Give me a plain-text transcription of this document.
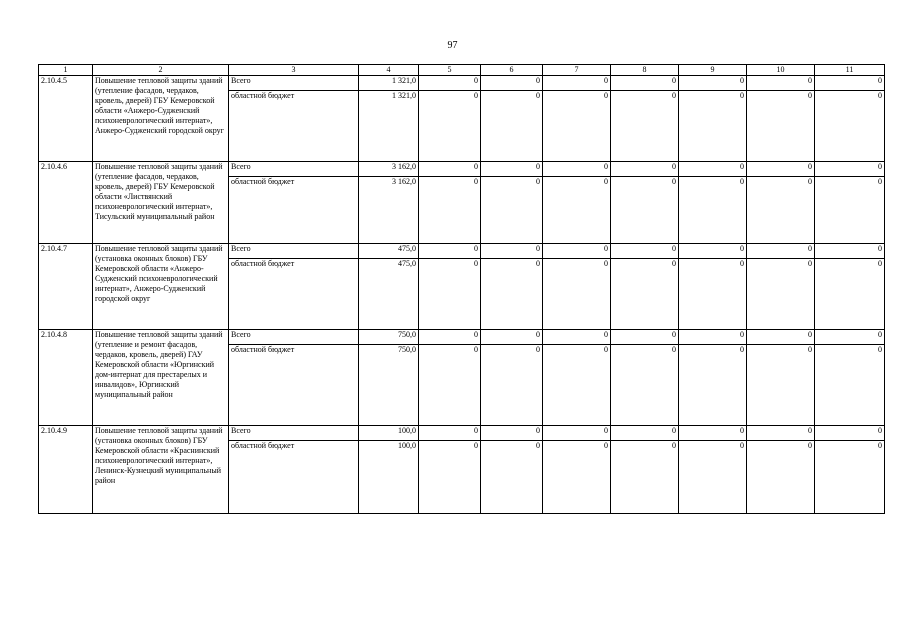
97
1	2	3	4	5	6	7	8	9	10	11
2.10.4.5	Повышение тепловой защиты зданий (утепление фасадов, чердаков, кровель, дверей) ГБУ Кемеровской области «Анжеро-Судженский психоневрологический интернат», Анжеро-Судженский городской округ	Всего	1 321,0	0	0	0	0	0	0	0
		областной бюджет	1 321,0	0	0	0	0	0	0	0
2.10.4.6	Повышение тепловой защиты зданий (утепление фасадов, чердаков, кровель, дверей) ГБУ Кемеровской области «Листвянский психоневрологический интернат», Тисульский муниципальный район	Всего	3 162,0	0	0	0	0	0	0	0
		областной бюджет	3 162,0	0	0	0	0	0	0	0
2.10.4.7	Повышение тепловой защиты зданий (установка оконных блоков) ГБУ Кемеровской области «Анжеро-Судженский психоневрологический интернат», Анжеро-Судженский городской округ	Всего	475,0	0	0	0	0	0	0	0
		областной бюджет	475,0	0	0	0	0	0	0	0
2.10.4.8	Повышение тепловой защиты зданий (утепление и ремонт фасадов, чердаков, кровель, дверей) ГАУ Кемеровской области «Юргинский дом-интернат для престарелых и инвалидов», Юргинский муниципальный район	Всего	750,0	0	0	0	0	0	0	0
		областной бюджет	750,0	0	0	0	0	0	0	0
2.10.4.9	Повышение тепловой защиты зданий (установка оконных блоков) ГБУ Кемеровской области «Краснинский психоневрологический интернат», Ленинск-Кузнецкий муниципальный район	Всего	100,0	0	0	0	0	0	0	0
		областной бюджет	100,0	0	0	0	0	0	0	0
